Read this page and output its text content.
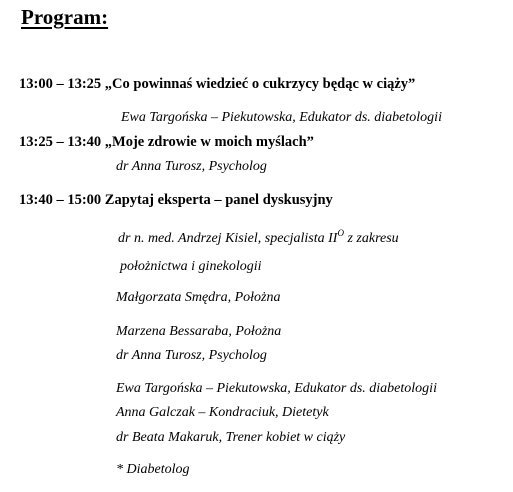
Program:
13:00 – 13:25 „Co powinnaś wiedzieć o cukrzycy będąc w ciąży”
Ewa Targońska – Piekutowska, Edukator ds. diabetologii
13:25 – 13:40 „Moje zdrowie w moich myślach”
dr Anna Turosz, Psycholog
13:40 – 15:00 Zapytaj eksperta – panel dyskusyjny
dr n. med. Andrzej Kisiel, specjalista $II^O$ z zakresu
położnictwa i ginekologii
Małgorzata Smędra, Położna
Marzena Bessaraba, Położna
dr Anna Turosz, Psycholog
Ewa Targońska – Piekutowska, Edukator ds. diabetologii
Anna Galczak – Kondraciuk, Dietetyk
dr Beata Makaruk, Trener kobiet w ciąży
* Diabetolog
